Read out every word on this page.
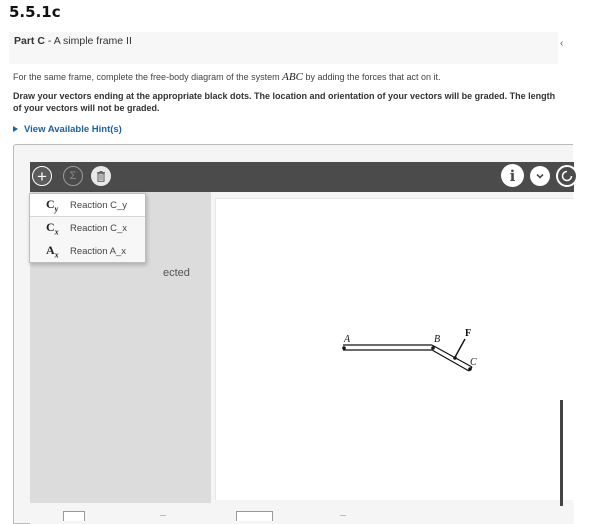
5.5.1c
Part C - A simple frame II	‹
For the same frame, complete the free-body diagram of the system ABC by adding the forces that act on it.
Draw your vectors ending at the appropriate black dots. The location and orientation of your vectors will be graded. The length of your vectors will not be graded.
View Available Hint(s)
+	Σ	i
ected
A	B
F
C
$C_y$	Reaction C_y
$C_x$	Reaction C_x
$A_x$	Reaction A_x
